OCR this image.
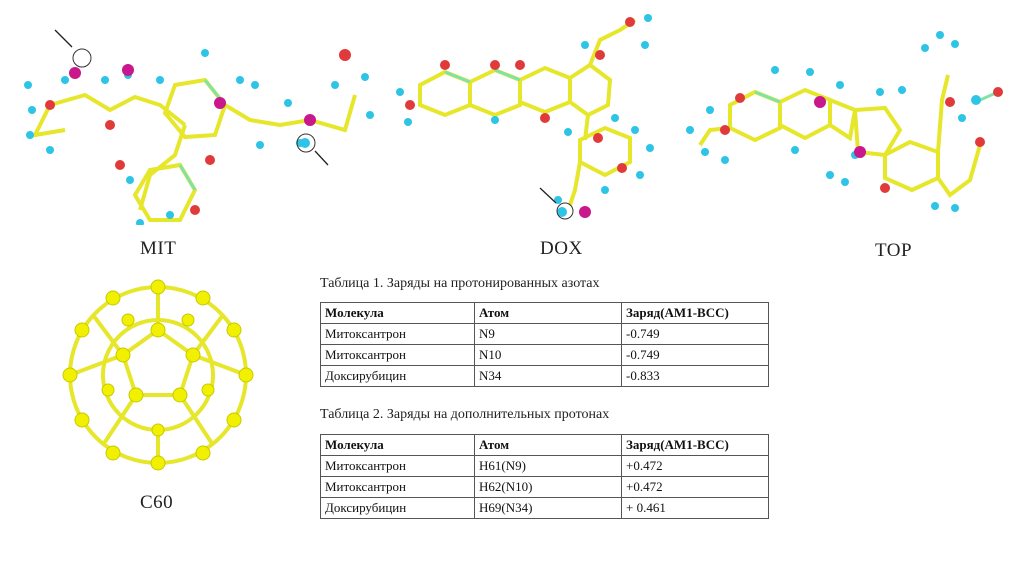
MIT	DOX	TOP
C60
Таблица 1. Заряды на протонированных азотах
Молекула	Атом	Заряд(AM1-BCC)
Митоксантрон	N9	-0.749
Митоксантрон	N10	-0.749
Доксирубицин	N34	-0.833
Таблица 2. Заряды на дополнительных протонах
Молекула	Атом	Заряд(AM1-BCC)
Митоксантрон	H61(N9)	+0.472
Митоксантрон	H62(N10)	+0.472
Доксирубицин	H69(N34)	+ 0.461
